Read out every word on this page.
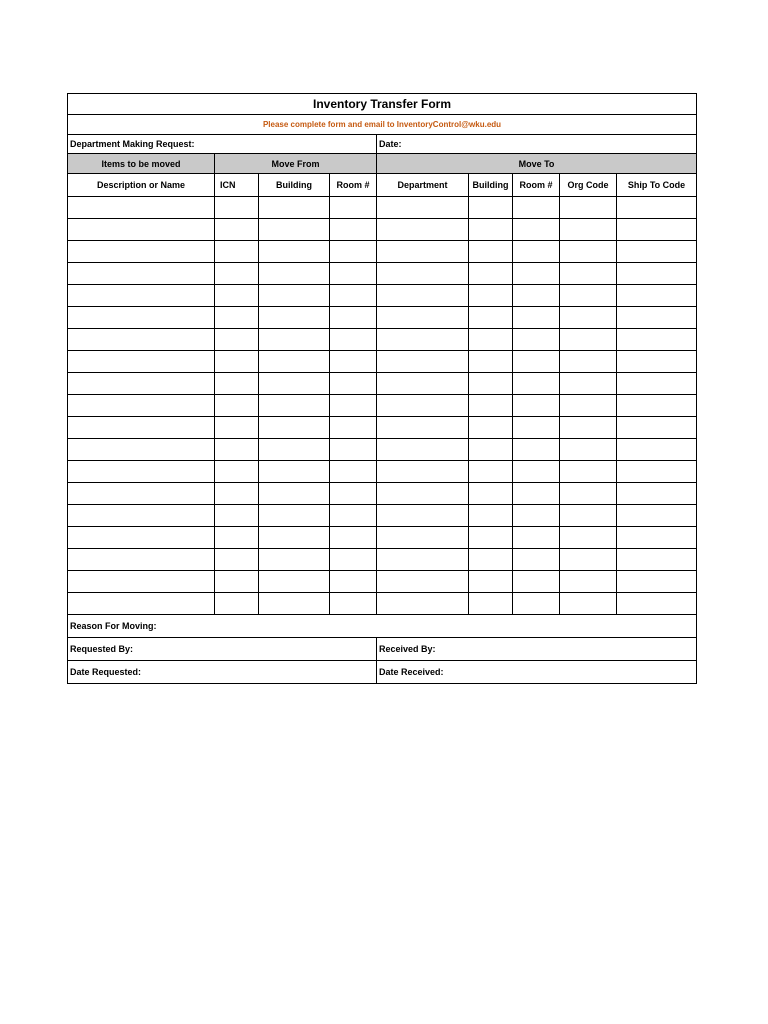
Inventory Transfer Form								
Please complete form and email to InventoryControl@wku.edu								
Department Making Request:				Date:				
Items to be moved	Move From			Move To				
Description or Name	ICN	Building	Room #	Department	Building	Room #	Org Code	Ship To Code

Reason For Moving:								
Requested By:				Received By:				
Date Requested:				Date Received:				
